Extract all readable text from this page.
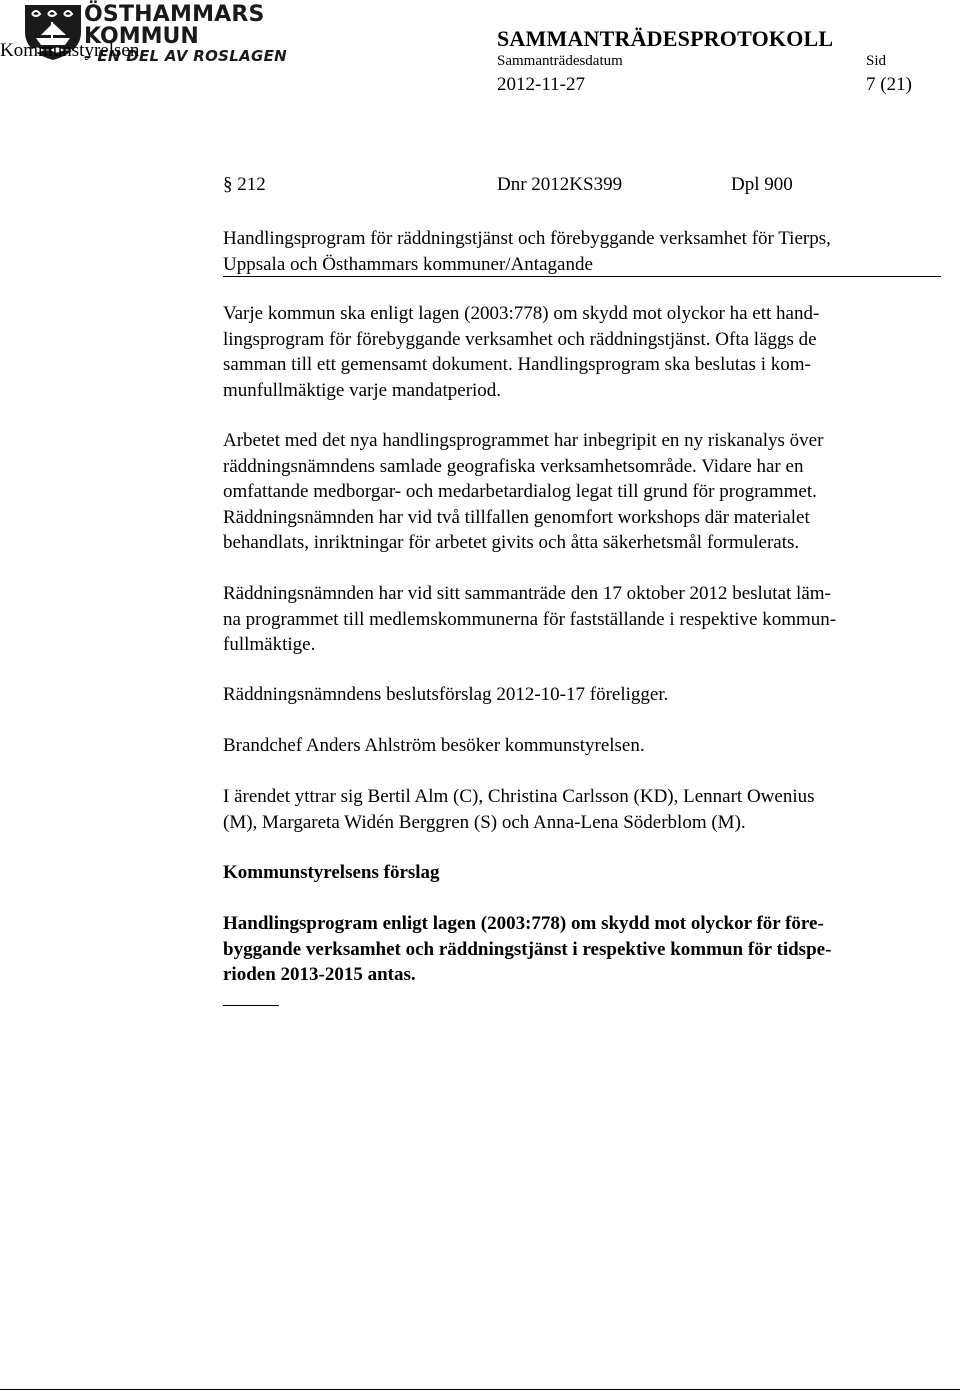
ÖSTHAMMARS
KOMMUN
– EN DEL AV ROSLAGEN
Kommunstyrelsen	SAMMANTRÄDESPROTOKOLL
Sammanträdesdatum	Sid
2012-11-27	7 (21)
§ 212	Dnr 2012KS399	Dpl 900
Handlingsprogram för räddningstjänst och förebyggande verksamhet för Tierps,
Uppsala och Östhammars kommuner/Antagande
Varje kommun ska enligt lagen (2003:778) om skydd mot olyckor ha ett hand-
lingsprogram för förebyggande verksamhet och räddningstjänst. Ofta läggs de
samman till ett gemensamt dokument. Handlingsprogram ska beslutas i kom-
munfullmäktige varje mandatperiod.
Arbetet med det nya handlingsprogrammet har inbegripit en ny riskanalys över
räddningsnämndens samlade geografiska verksamhetsområde. Vidare har en
omfattande medborgar- och medarbetardialog legat till grund för programmet.
Räddningsnämnden har vid två tillfallen genomfort workshops där materialet
behandlats, inriktningar för arbetet givits och åtta säkerhetsmål formulerats.
Räddningsnämnden har vid sitt sammanträde den 17 oktober 2012 beslutat läm-
na programmet till medlemskommunerna för fastställande i respektive kommun-
fullmäktige.
Räddningsnämndens beslutsförslag 2012-10-17 föreligger.
Brandchef Anders Ahlström besöker kommunstyrelsen.
I ärendet yttrar sig Bertil Alm (C), Christina Carlsson (KD), Lennart Owenius
(M), Margareta Widén Berggren (S) och Anna-Lena Söderblom (M).
Kommunstyrelsens förslag
Handlingsprogram enligt lagen (2003:778) om skydd mot olyckor för före-
byggande verksamhet och räddningstjänst i respektive kommun för tidspe-
rioden 2013-2015 antas.
